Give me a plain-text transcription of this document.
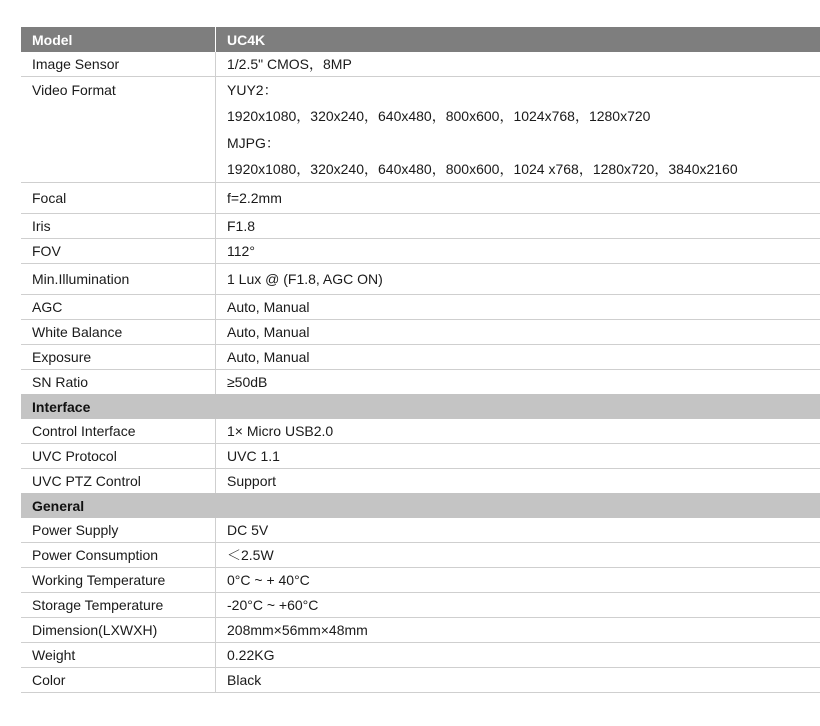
Model	UC4K
Image Sensor	1/2.5" CMOS，8MP
Video Format	YUY2：
1920x1080，320x240，640x480，800x600，1024x768，1280x720
MJPG：
1920x1080，320x240，640x480，800x600，1024 x768，1280x720，3840x2160
Focal	f=2.2mm
Iris	F1.8
FOV	112°
Min.Illumination	1 Lux @ (F1.8, AGC ON)
AGC	Auto, Manual
White Balance	Auto, Manual
Exposure	Auto, Manual
SN Ratio	≥50dB
Interface
Control Interface	1× Micro USB2.0
UVC Protocol	UVC 1.1
UVC PTZ Control	Support
General
Power Supply	DC 5V
Power Consumption	＜2.5W
Working Temperature	0°C ~ + 40°C
Storage Temperature	-20°C ~ +60°C
Dimension(LXWXH)	208mm×56mm×48mm
Weight	0.22KG
Color	Black
